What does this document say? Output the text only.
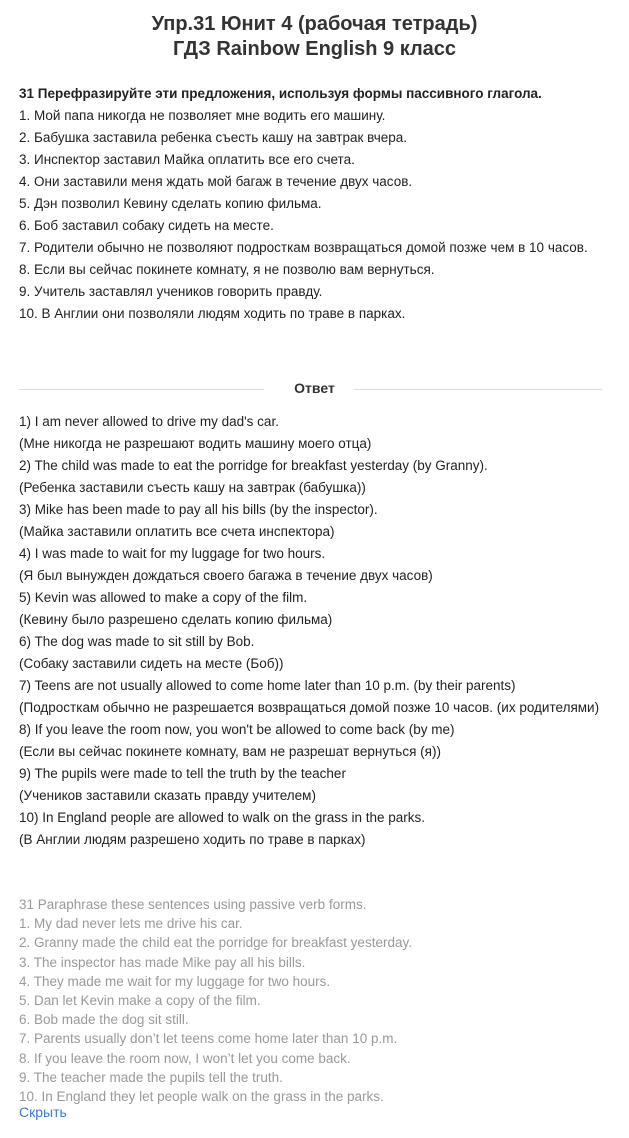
Упр.31 Юнит 4 (рабочая тетрадь)
ГДЗ Rainbow English 9 класс
31 Перефразируйте эти предложения, используя формы пассивного глагола.
1. Мой папа никогда не позволяет мне водить его машину.
2. Бабушка заставила ребенка съесть кашу на завтрак вчера.
3. Инспектор заставил Майка оплатить все его счета.
4. Они заставили меня ждать мой багаж в течение двух часов.
5. Дэн позволил Кевину сделать копию фильма.
6. Боб заставил собаку сидеть на месте.
7. Родители обычно не позволяют подросткам возвращаться домой позже чем в 10 часов.
8. Если вы сейчас покинете комнату, я не позволю вам вернуться.
9. Учитель заставлял учеников говорить правду.
10. В Англии они позволяли людям ходить по траве в парках.
Ответ
1) I am never allowed to drive my dad's car.
(Мне никогда не разрешают водить машину моего отца)
2) The child was made to eat the porridge for breakfast yesterday (by Granny).
(Ребенка заставили съесть кашу на завтрак (бабушка))
3) Mike has been made to pay all his bills (by the inspector).
(Майка заставили оплатить все счета инспектора)
4) I was made to wait for my luggage for two hours.
(Я был вынужден дождаться своего багажа в течение двух часов)
5) Kevin was allowed to make a copy of the film.
(Кевину было разрешено сделать копию фильма)
6) The dog was made to sit still by Bob.
(Собаку заставили сидеть на месте (Боб))
7) Teens are not usually allowed to come home later than 10 p.m. (by their parents)
(Подросткам обычно не разрешается возвращаться домой позже 10 часов. (их родителями)
8) If you leave the room now, you won't be allowed to come back (by me)
(Если вы сейчас покинете комнату, вам не разрешат вернуться (я))
9) The pupils were made to tell the truth by the teacher
(Учеников заставили сказать правду учителем)
10) In England people are allowed to walk on the grass in the parks.
(В Англии людям разрешено ходить по траве в парках)
31 Paraphrase these sentences using passive verb forms.
1. My dad never lets me drive his car.
2. Granny made the child eat the porridge for breakfast yesterday.
3. The inspector has made Mike pay all his bills.
4. They made me wait for my luggage for two hours.
5. Dan let Kevin make a copy of the film.
6. Bob made the dog sit still.
7. Parents usually don’t let teens come home later than 10 p.m.
8. If you leave the room now, I won’t let you come back.
9. The teacher made the pupils tell the truth.
10. In England they let people walk on the grass in the parks.
Скрыть
